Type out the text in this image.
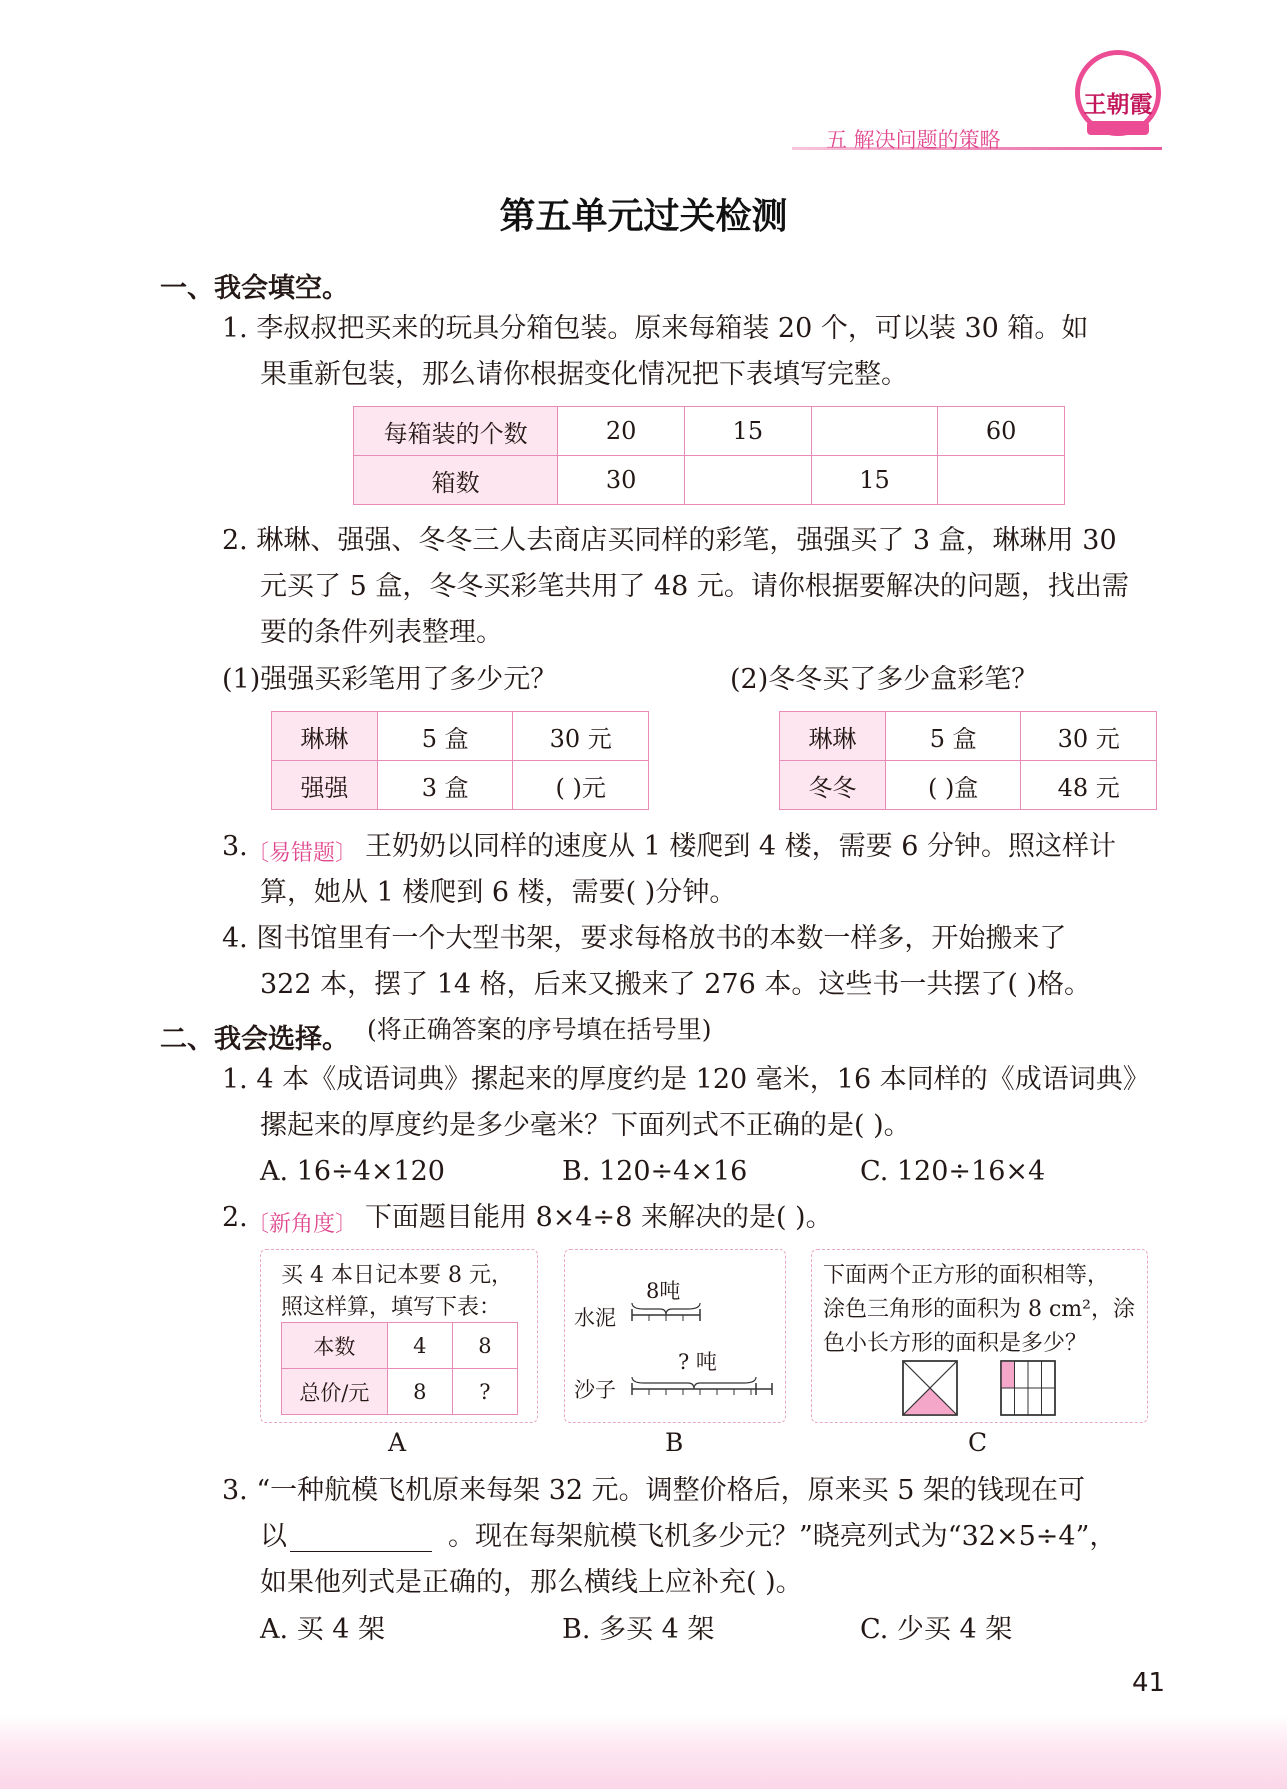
五 解决问题的策略
王朝霞
第五单元过关检测
一、我会填空。
1. 李叔叔把买来的玩具分箱包装。原来每箱装 20 个，可以装 30 箱。如
果重新包装，那么请你根据变化情况把下表填写完整。
每箱装的个数	20	15		60
箱数	30		15	
2. 琳琳、强强、冬冬三人去商店买同样的彩笔，强强买了 3 盒，琳琳用 30
元买了 5 盒，冬冬买彩笔共用了 48 元。请你根据要解决的问题，找出需
要的条件列表整理。
(1)强强买彩笔用了多少元？	(2)冬冬买了多少盒彩笔？
琳琳	5 盒	30 元
强强	3 盒	( )元
琳琳	5 盒	30 元
冬冬	( )盒	48 元
3. 〔易错题〕 王奶奶以同样的速度从 1 楼爬到 4 楼，需要 6 分钟。照这样计
算，她从 1 楼爬到 6 楼，需要( )分钟。
4. 图书馆里有一个大型书架，要求每格放书的本数一样多，开始搬来了
322 本，摆了 14 格，后来又搬来了 276 本。这些书一共摆了( )格。
二、我会选择。 (将正确答案的序号填在括号里)
1. 4 本《成语词典》摞起来的厚度约是 120 毫米，16 本同样的《成语词典》
摞起来的厚度约是多少毫米？下面列式不正确的是( )。
A. 16÷4×120	B. 120÷4×16	C. 120÷16×4
2. 〔新角度〕 下面题目能用 8×4÷8 来解决的是( )。
买 4 本日记本要 8 元，
照这样算，填写下表：
本数	4	8
总价/元	8	?
A
8吨
水泥
? 吨
沙子
B
下面两个正方形的面积相等，
涂色三角形的面积为 8 cm²，涂
色小长方形的面积是多少？
C
3. “一种航模飞机原来每架 32 元。调整价格后，原来买 5 架的钱现在可
以	。现在每架航模飞机多少元？”晓亮列式为“32×5÷4”，
如果他列式是正确的，那么横线上应补充( )。
A. 买 4 架	B. 多买 4 架	C. 少买 4 架
41
